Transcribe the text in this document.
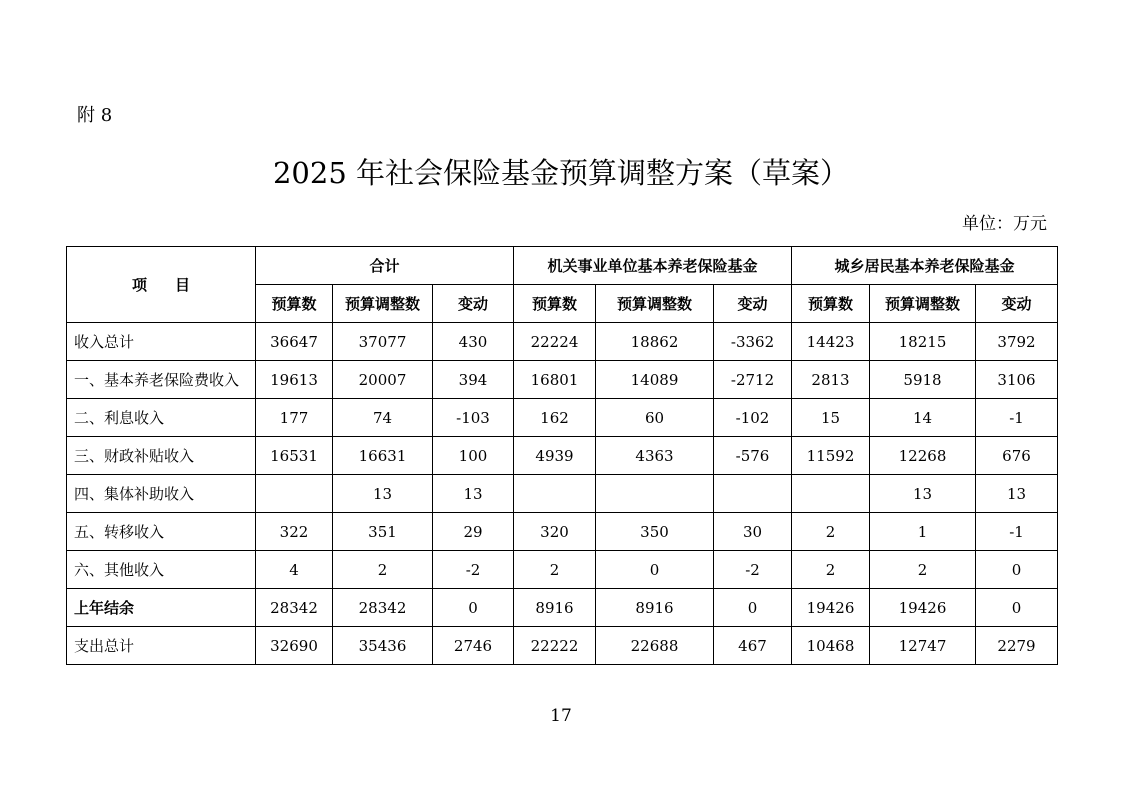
附 8
2025 年社会保险基金预算调整方案（草案）
单位：万元
项 目	合计			机关事业单位基本养老保险基金			城乡居民基本养老保险基金		
	预算数	预算调整数	变动	预算数	预算调整数	变动	预算数	预算调整数	变动
收入总计	36647	37077	430	22224	18862	-3362	14423	18215	3792
一、基本养老保险费收入	19613	20007	394	16801	14089	-2712	2813	5918	3106
二、利息收入	177	74	-103	162	60	-102	15	14	-1
三、财政补贴收入	16531	16631	100	4939	4363	-576	11592	12268	676
四、集体补助收入		13	13					13	13
五、转移收入	322	351	29	320	350	30	2	1	-1
六、其他收入	4	2	-2	2	0	-2	2	2	0
上年结余	28342	28342	0	8916	8916	0	19426	19426	0
支出总计	32690	35436	2746	22222	22688	467	10468	12747	2279
17
